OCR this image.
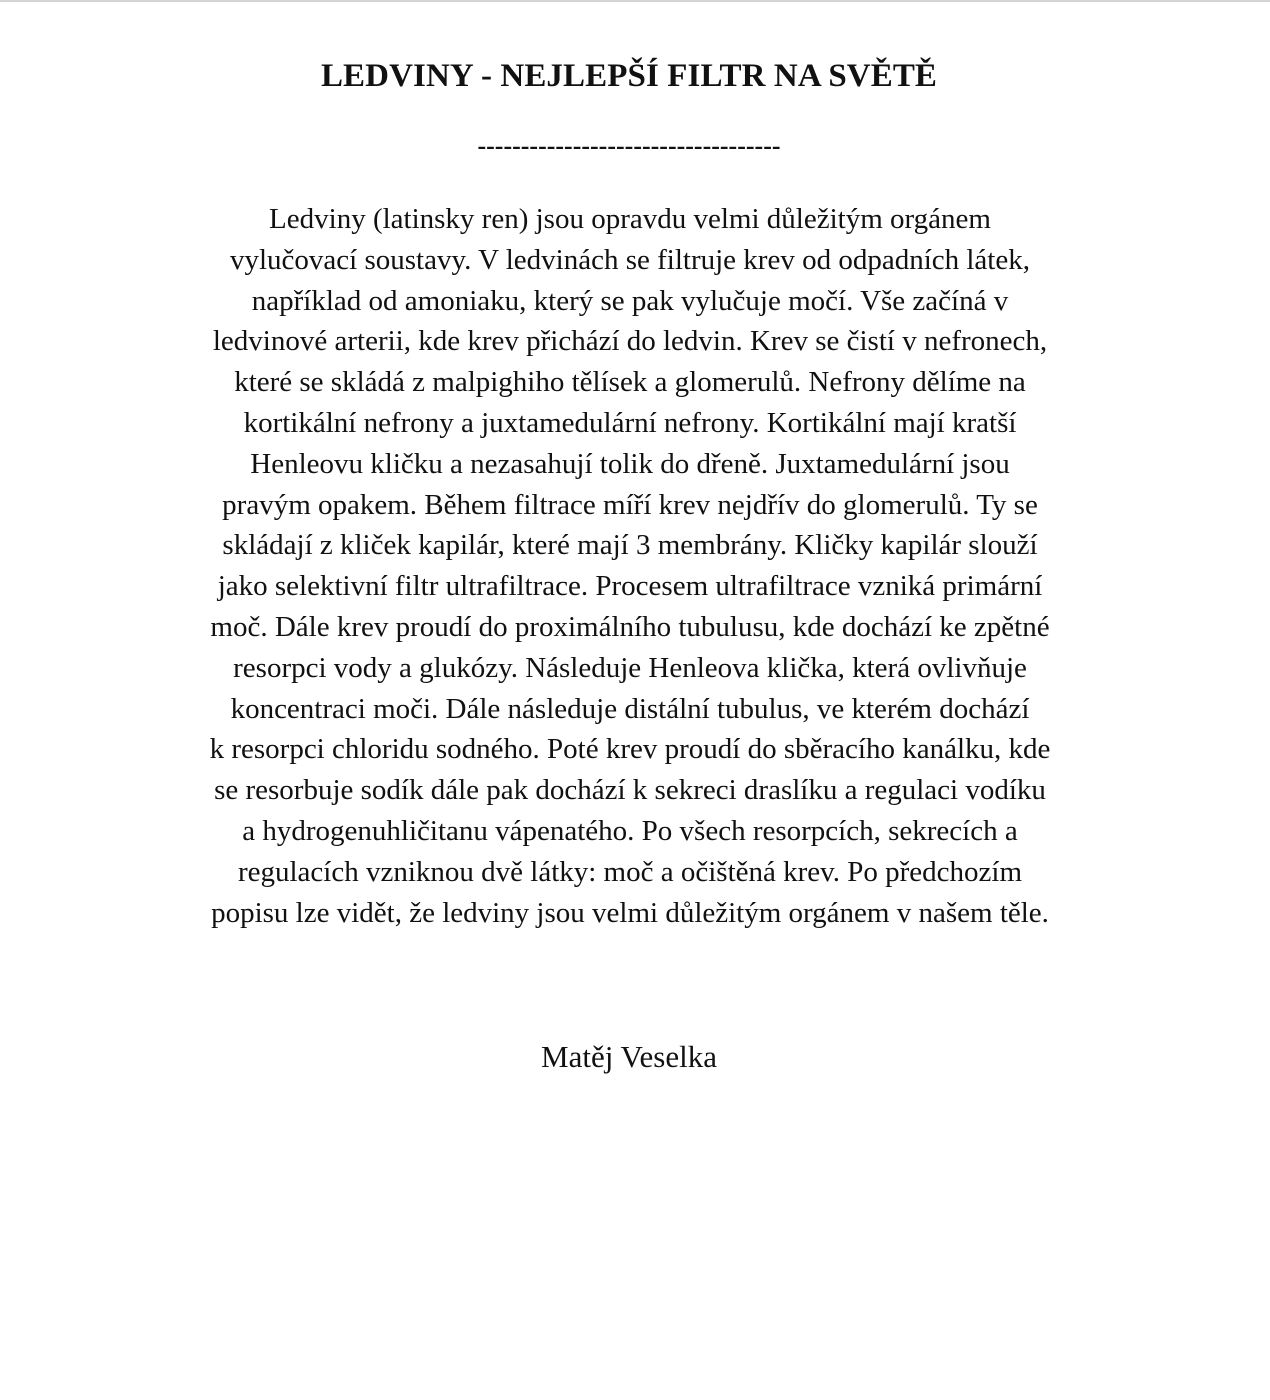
LEDVINY - NEJLEPŠÍ FILTR NA SVĚTĚ
-----------------------------------
Ledviny (latinsky ren) jsou opravdu velmi důležitým orgánem
vylučovací soustavy. V ledvinách se filtruje krev od odpadních látek,
například od amoniaku, který se pak vylučuje močí. Vše začíná v
ledvinové arterii, kde krev přichází do ledvin. Krev se čistí v nefronech,
které se skládá z malpighiho tělísek a glomerulů. Nefrony dělíme na
kortikální nefrony a juxtamedulární nefrony. Kortikální mají kratší
Henleovu kličku a nezasahují tolik do dřeně. Juxtamedulární jsou
pravým opakem. Během filtrace míří krev nejdřív do glomerulů. Ty se
skládají z kliček kapilár, které mají 3 membrány. Kličky kapilár slouží
jako selektivní filtr ultrafiltrace. Procesem ultrafiltrace vzniká primární
moč. Dále krev proudí do proximálního tubulusu, kde dochází ke zpětné
resorpci vody a glukózy. Následuje Henleova klička, která ovlivňuje
koncentraci moči. Dále následuje distální tubulus, ve kterém dochází
k resorpci chloridu sodného. Poté krev proudí do sběracího kanálku, kde
se resorbuje sodík dále pak dochází k sekreci draslíku a regulaci vodíku
a hydrogenuhličitanu vápenatého. Po všech resorpcích, sekrecích a
regulacích vzniknou dvě látky: moč a očištěná krev. Po předchozím
popisu lze vidět, že ledviny jsou velmi důležitým orgánem v našem těle.
Matěj Veselka
